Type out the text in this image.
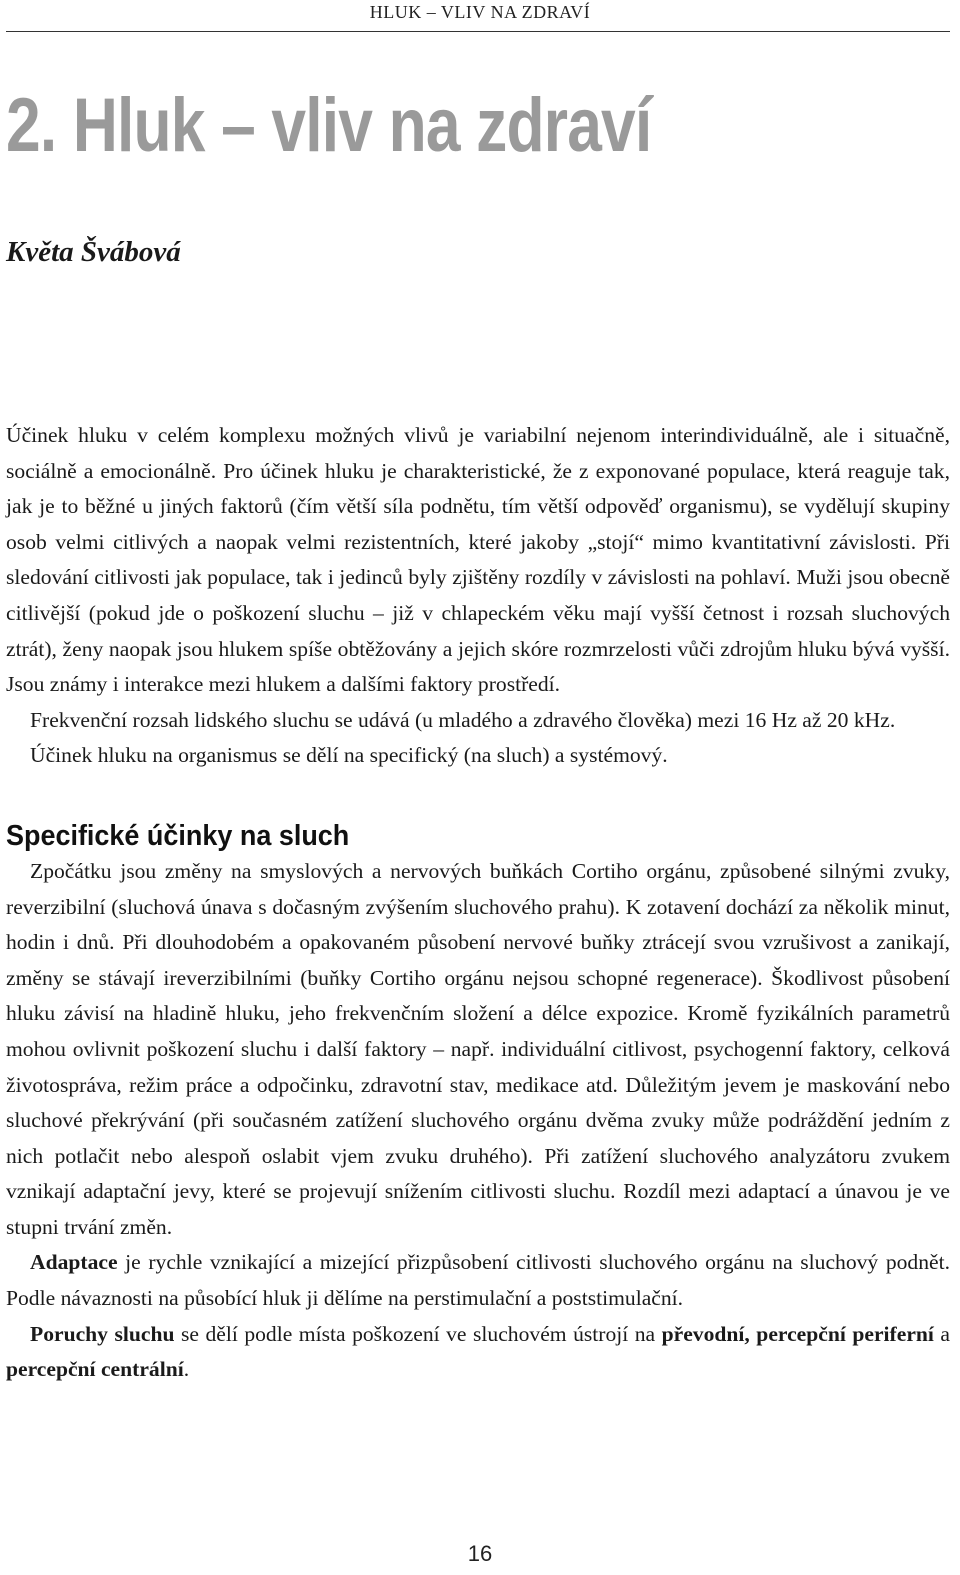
HLUK – VLIV NA ZDRAVÍ
2. Hluk – vliv na zdraví
Květa Švábová

Účinek hluku v celém komplexu možných vlivů je variabilní nejenom interindividuálně, ale i situačně, sociálně a emocionálně. Pro účinek hluku je charakteristické, že z exponované populace, která reaguje tak, jak je to běžné u jiných faktorů (čím větší síla podnětu, tím větší odpověď organismu), se vydělují skupiny osob velmi citlivých a naopak velmi rezistentních, které jakoby „stojí“ mimo kvantitativní závislosti. Při sledování citlivosti jak populace, tak i jedinců byly zjištěny rozdíly v závislosti na pohlaví. Muži jsou obecně citlivější (pokud jde o poškození sluchu – již v chlapeckém věku mají vyšší četnost i rozsah sluchových ztrát), ženy naopak jsou hlukem spíše obtěžovány a jejich skóre rozmrzelosti vůči zdrojům hluku bývá vyšší. Jsou známy i interakce mezi hlukem a dalšími faktory prostředí.

Frekvenční rozsah lidského sluchu se udává (u mladého a zdravého člověka) mezi 16 Hz až 20 kHz.

Účinek hluku na organismus se dělí na specifický (na sluch) a systémový.

Specifické účinky na sluch

Zpočátku jsou změny na smyslových a nervových buňkách Cortiho orgánu, způsobené silnými zvuky, reverzibilní (sluchová únava s dočasným zvýšením sluchového prahu). K zotavení dochází za několik minut, hodin i dnů. Při dlouhodobém a opakovaném působení nervové buňky ztrácejí svou vzrušivost a zanikají, změny se stávají ireverzibilními (buňky Cortiho orgánu nejsou schopné regenerace). Škodlivost působení hluku závisí na hladině hluku, jeho frekvenčním složení a délce expozice. Kromě fyzikálních parametrů mohou ovlivnit poškození sluchu i další faktory – např. individuální citlivost, psychogenní faktory, celková životospráva, režim práce a odpočinku, zdravotní stav, medikace atd. Důležitým jevem je maskování nebo sluchové překrývání (při současném zatížení sluchového orgánu dvěma zvuky může podráždění jedním z nich potlačit nebo alespoň oslabit vjem zvuku druhého). Při zatížení sluchového analyzátoru zvukem vznikají adaptační jevy, které se projevují snížením citlivosti sluchu. Rozdíl mezi adaptací a únavou je ve stupni trvání změn.

Adaptace je rychle vznikající a mizející přizpůsobení citlivosti sluchového orgánu na sluchový podnět. Podle návaznosti na působící hluk ji dělíme na perstimulační a poststimulační.

Poruchy sluchu se dělí podle místa poškození ve sluchovém ústrojí na převodní, percepční periferní a percepční centrální.

16
